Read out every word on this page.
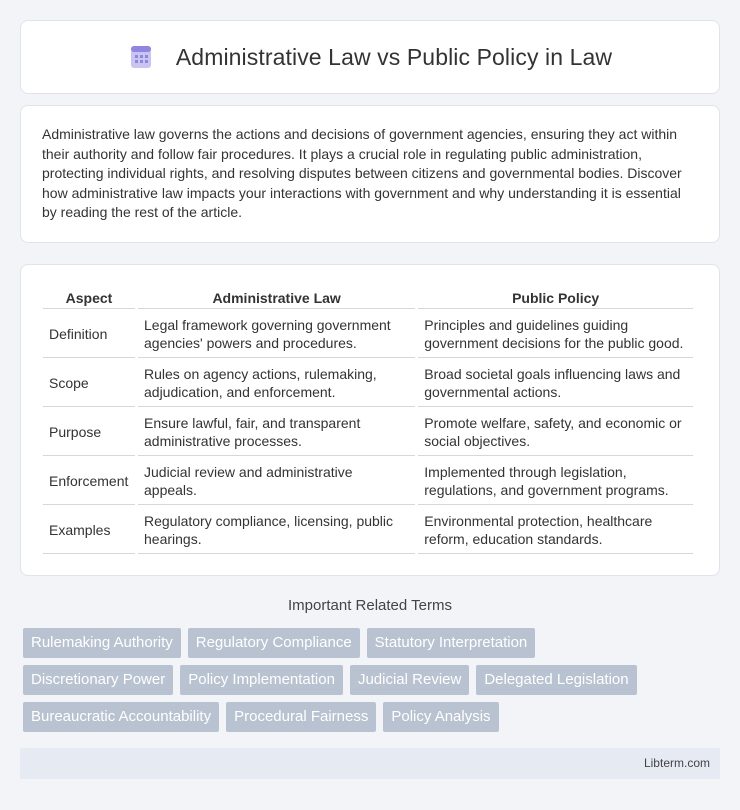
Administrative Law vs Public Policy in Law

Administrative law governs the actions and decisions of government agencies, ensuring they act within their authority and follow fair procedures. It plays a crucial role in regulating public administration, protecting individual rights, and resolving disputes between citizens and governmental bodies. Discover how administrative law impacts your interactions with government and why understanding it is essential by reading the rest of the article.

Aspect	Administrative Law	Public Policy
Definition	Legal framework governing government agencies' powers and procedures.	Principles and guidelines guiding government decisions for the public good.
Scope	Rules on agency actions, rulemaking, adjudication, and enforcement.	Broad societal goals influencing laws and governmental actions.
Purpose	Ensure lawful, fair, and transparent administrative processes.	Promote welfare, safety, and economic or social objectives.
Enforcement	Judicial review and administrative appeals.	Implemented through legislation, regulations, and government programs.
Examples	Regulatory compliance, licensing, public hearings.	Environmental protection, healthcare reform, education standards.
Important Related Terms
Rulemaking Authority	Regulatory Compliance	Statutory Interpretation
Discretionary Power	Policy Implementation	Judicial Review	Delegated Legislation
Bureaucratic Accountability	Procedural Fairness	Policy Analysis
Libterm.com
